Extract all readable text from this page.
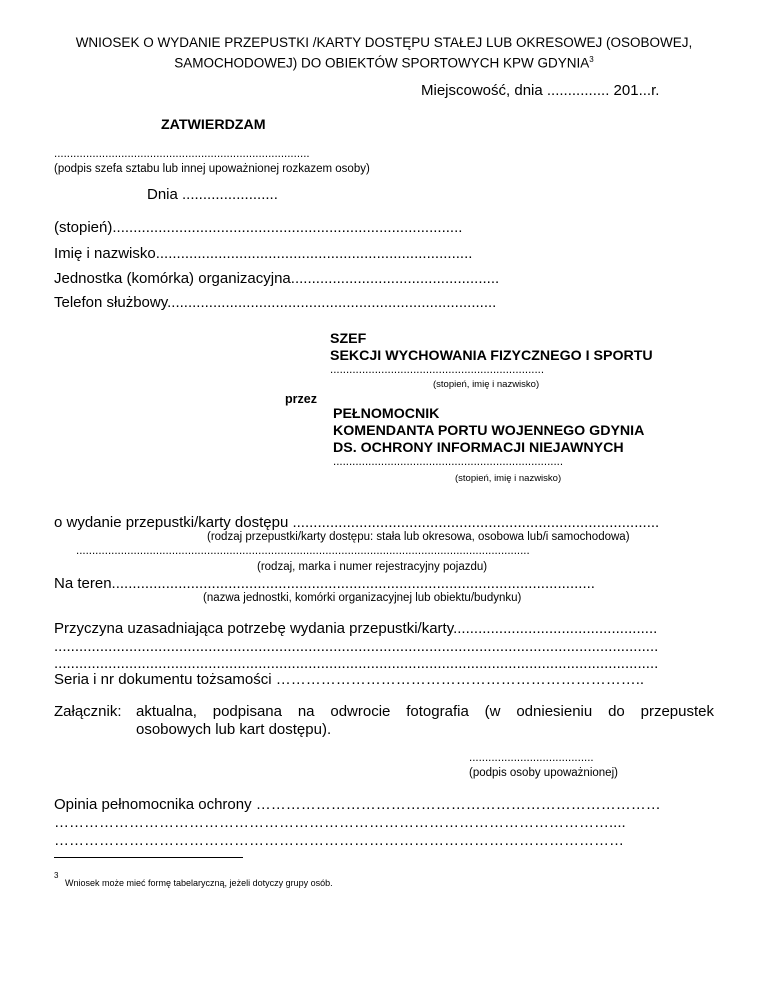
WNIOSEK O WYDANIE PRZEPUSTKI /KARTY DOSTĘPU STAŁEJ LUB OKRESOWEJ (OSOBOWEJ,
SAMOCHODOWEJ) DO OBIEKTÓW SPORTOWYCH KPW GDYNIA$^3$
Miejscowość, dnia ............... 201...r.
ZATWIERDZAM
................................................................................
(podpis szefa sztabu lub innej upoważnionej rozkazem osoby)
Dnia .......................
(stopień)....................................................................................
Imię i nazwisko............................................................................
Jednostka (komórka) organizacyjna..................................................
Telefon służbowy...............................................................................
SZEF
SEKCJI WYCHOWANIA FIZYCZNEGO I SPORTU
...................................................................
(stopień, imię i nazwisko)
przez
PEŁNOMOCNIK
KOMENDANTA PORTU WOJENNEGO GDYNIA
DS. OCHRONY INFORMACJI NIEJAWNYCH
........................................................................
(stopień, imię i nazwisko)
o wydanie przepustki/karty dostępu ........................................................................................
(rodzaj przepustki/karty dostępu: stała lub okresowa, osobowa lub/i samochodowa)
..............................................................................................................................................
(rodzaj, marka i numer rejestracyjny pojazdu)
Na teren....................................................................................................................
(nazwa jednostki, komórki organizacyjnej lub obiektu/budynku)
Przyczyna uzasadniająca potrzebę wydania przepustki/karty.................................................
.................................................................................................................................................
.................................................................................................................................................
Seria i nr dokumentu tożsamości ………………………………………………………………..
Załącznik: aktualna, podpisana na odwrocie fotografia (w odniesieniu do przepustek
osobowych lub kart dostępu).
.......................................
(podpis osoby upoważnionej)
Opinia pełnomocnika ochrony ………………………………………………………………………
…………………………………………………………………………………………………....
……………………………………………………………………………………………………
3
Wniosek może mieć formę tabelaryczną, jeżeli dotyczy grupy osób.
